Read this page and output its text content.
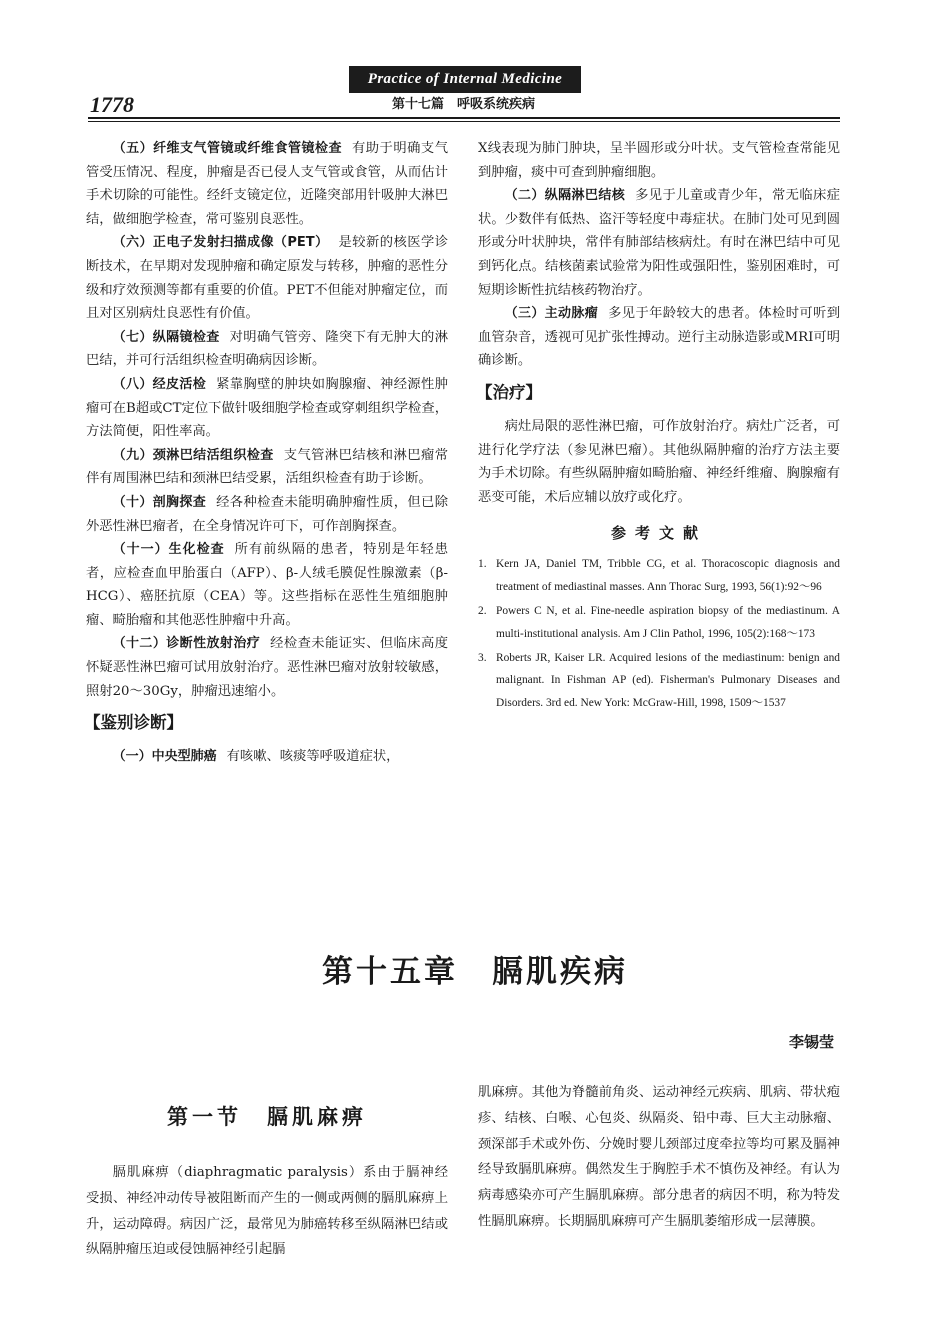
Practice of Internal Medicine
1778	第十七篇　呼吸系统疾病

（五）纤维支气管镜或纤维食管镜检查 有助于明确支气管受压情况、程度，肿瘤是否已侵人支气管或食管，从而估计手术切除的可能性。经纤支镜定位，近隆突部用针吸肿大淋巴结，做细胞学检查，常可鉴别良恶性。

（六）正电子发射扫描成像（PET） 是较新的核医学诊断技术，在早期对发现肿瘤和确定原发与转移，肿瘤的恶性分级和疗效预测等都有重要的价值。PET不但能对肿瘤定位，而且对区别病灶良恶性有价值。

（七）纵隔镜检查 对明确气管旁、隆突下有无肿大的淋巴结，并可行活组织检查明确病因诊断。

（八）经皮活检 紧靠胸壁的肿块如胸腺瘤、神经源性肿瘤可在B超或CT定位下做针吸细胞学检查或穿刺组织学检查，方法简便，阳性率高。

（九）颈淋巴结活组织检查 支气管淋巴结核和淋巴瘤常伴有周围淋巴结和颈淋巴结受累，活组织检查有助于诊断。

（十）剖胸探查 经各种检查未能明确肿瘤性质，但已除外恶性淋巴瘤者，在全身情况许可下，可作剖胸探查。

（十一）生化检查 所有前纵隔的患者，特别是年轻患者，应检查血甲胎蛋白（AFP）、β-人绒毛膜促性腺激素（β-HCG）、癌胚抗原（CEA）等。这些指标在恶性生殖细胞肿瘤、畸胎瘤和其他恶性肿瘤中升高。

（十二）诊断性放射治疗 经检查未能证实、但临床高度怀疑恶性淋巴瘤可试用放射治疗。恶性淋巴瘤对放射较敏感，照射20～30Gy，肿瘤迅速缩小。

【鉴别诊断】

（一）中央型肺癌 有咳嗽、咳痰等呼吸道症状，

X线表现为肺门肿块，呈半圆形或分叶状。支气管检查常能见到肿瘤，痰中可查到肿瘤细胞。

（二）纵隔淋巴结核 多见于儿童或青少年，常无临床症状。少数伴有低热、盗汗等轻度中毒症状。在肺门处可见到圆形或分叶状肿块，常伴有肺部结核病灶。有时在淋巴结中可见到钙化点。结核菌素试验常为阳性或强阳性，鉴别困难时，可短期诊断性抗结核药物治疗。

（三）主动脉瘤 多见于年龄较大的患者。体检时可听到血管杂音，透视可见扩张性搏动。逆行主动脉造影或MRI可明确诊断。

【治疗】

病灶局限的恶性淋巴瘤，可作放射治疗。病灶广泛者，可进行化学疗法（参见淋巴瘤）。其他纵隔肿瘤的治疗方法主要为手术切除。有些纵隔肿瘤如畸胎瘤、神经纤维瘤、胸腺瘤有恶变可能，术后应辅以放疗或化疗。

参考文献
1. Kern JA, Daniel TM, Tribble CG, et al. Thoracoscopic diagnosis and treatment of mediastinal masses. Ann Thorac Surg, 1993, 56(1):92～96
2. Powers C N, et al. Fine-needle aspiration biopsy of the mediastinum. A multi-institutional analysis. Am J Clin Pathol, 1996, 105(2):168～173
3. Roberts JR, Kaiser LR. Acquired lesions of the mediastinum: benign and malignant. In Fishman AP (ed). Fisherman's Pulmonary Diseases and Disorders. 3rd ed. New York: McGraw-Hill, 1998, 1509～1537
第十五章　膈肌疾病
李锡莹
第一节　膈肌麻痹

膈肌麻痹（diaphragmatic paralysis）系由于膈神经受损、神经冲动传导被阻断而产生的一侧或两侧的膈肌麻痹上升，运动障碍。病因广泛，最常见为肺癌转移至纵隔淋巴结或纵隔肿瘤压迫或侵蚀膈神经引起膈

肌麻痹。其他为脊髓前角炎、运动神经元疾病、肌病、带状疱疹、结核、白喉、心包炎、纵隔炎、铅中毒、巨大主动脉瘤、颈深部手术或外伤、分娩时婴儿颈部过度牵拉等均可累及膈神经导致膈肌麻痹。偶然发生于胸腔手术不慎伤及神经。有认为病毒感染亦可产生膈肌麻痹。部分患者的病因不明，称为特发性膈肌麻痹。长期膈肌麻痹可产生膈肌萎缩形成一层薄膜。
